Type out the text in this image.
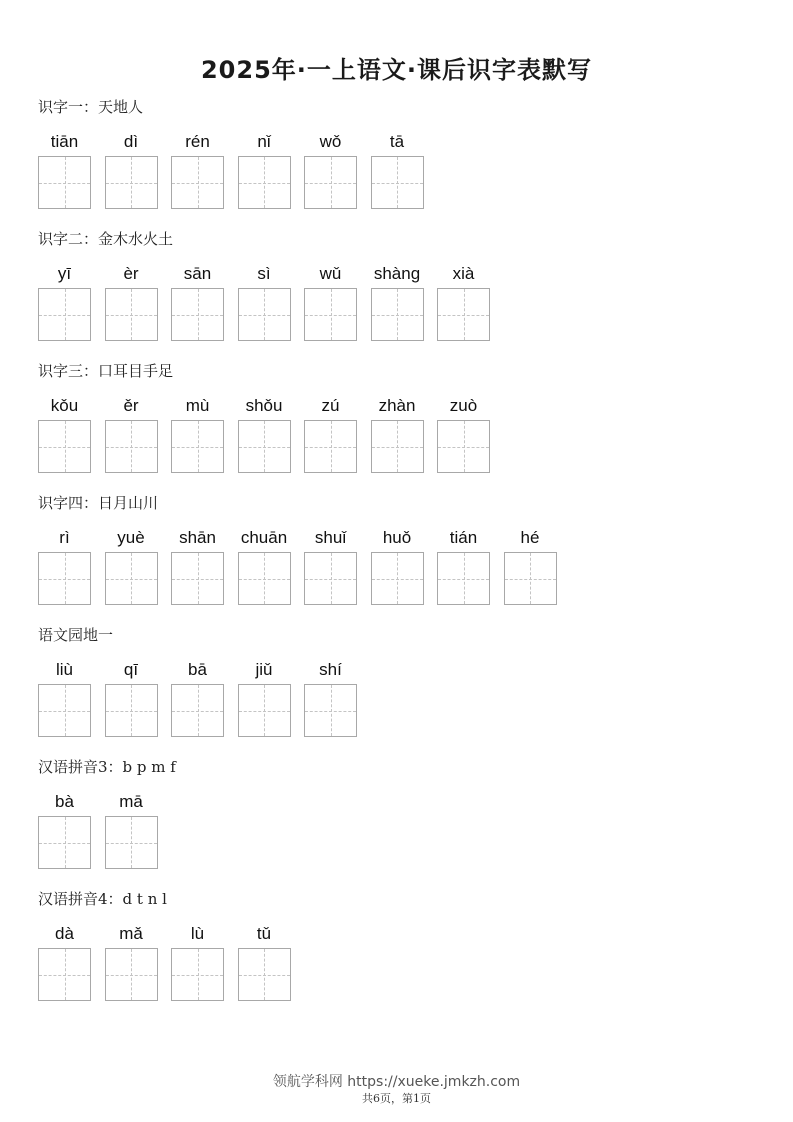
2025年·一上语文·课后识字表默写
识字一：天地人
tiān	dì	rén	nǐ	wǒ	tā
识字二：金木水火土
yī	èr	sān	sì	wǔ	shàng	xià
识字三：口耳目手足
kǒu	ěr	mù	shǒu	zú	zhàn	zuò
识字四：日月山川
rì	yuè	shān	chuān	shuǐ	huǒ	tián	hé
语文园地一
liù	qī	bā	jiǔ	shí
汉语拼音3：b p m f
bà	mā
汉语拼音4：d t n l
dà	mǎ	lù	tǔ
领航学科网 https://xueke.jmkzh.com
共6页，第1页
